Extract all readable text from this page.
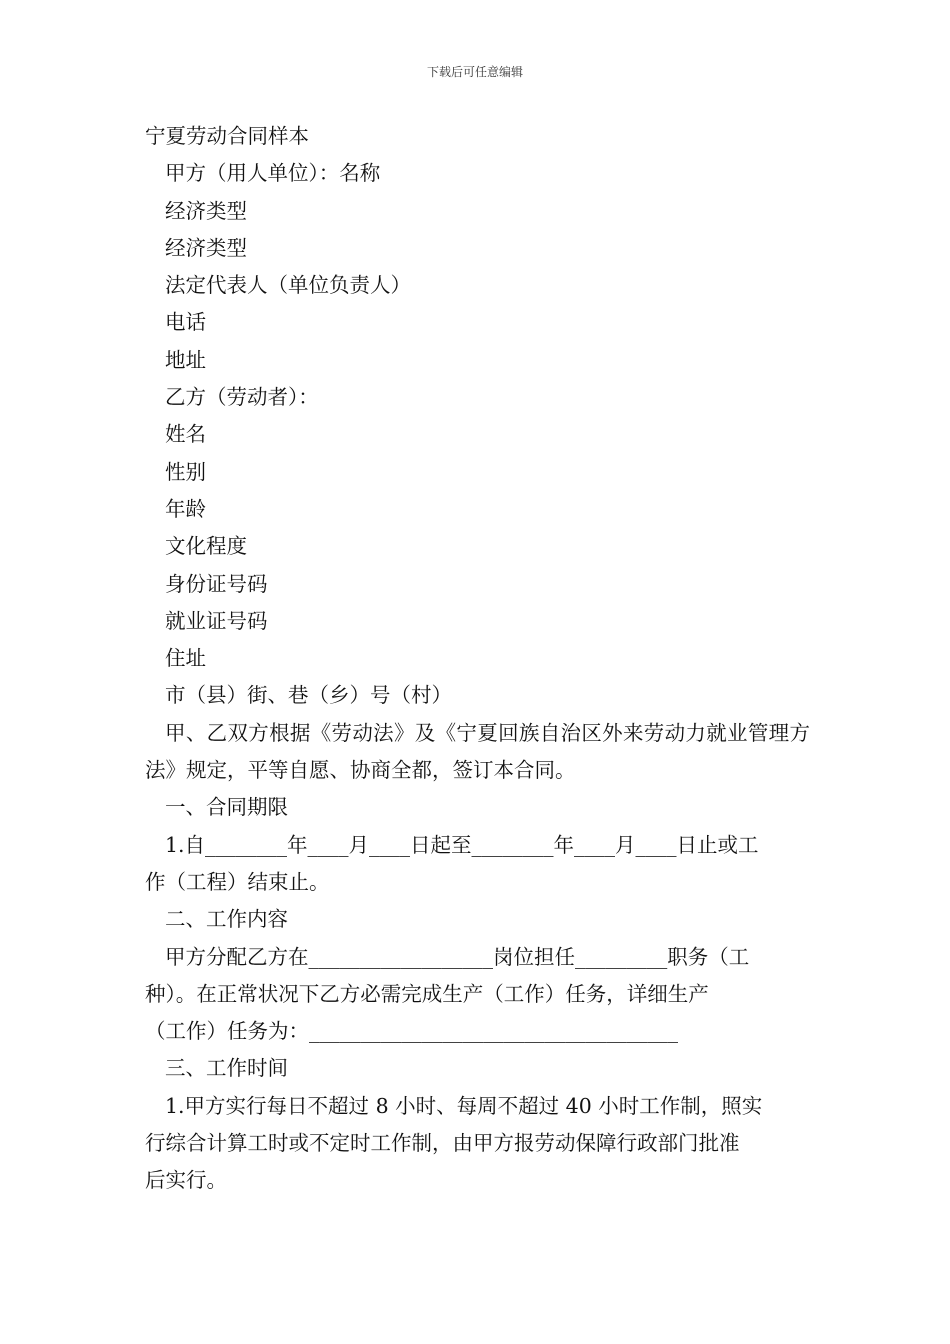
下载后可任意编辑
宁夏劳动合同样本
甲方（用人单位）：名称
经济类型
经济类型
法定代表人（单位负责人）
电话
地址
乙方（劳动者）：
姓名
性别
年龄
文化程度
身份证号码
就业证号码
住址
市（县）街、巷（乡）号（村）
甲、乙双方根据《劳动法》及《宁夏回族自治区外来劳动力就业管理方法》规定，平等自愿、协商全都，签订本合同。
一、合同期限
1.自________年____月____日起至________年____月____日止或工
作（工程）结束止。
二、工作内容
甲方分配乙方在__________________岗位担任_________职务（工
种）。在正常状况下乙方必需完成生产（工作）任务，详细生产
（工作）任务为：____________________________________
三、工作时间
1.甲方实行每日不超过 8 小时、每周不超过 40 小时工作制，照实
行综合计算工时或不定时工作制，由甲方报劳动保障行政部门批准
后实行。
